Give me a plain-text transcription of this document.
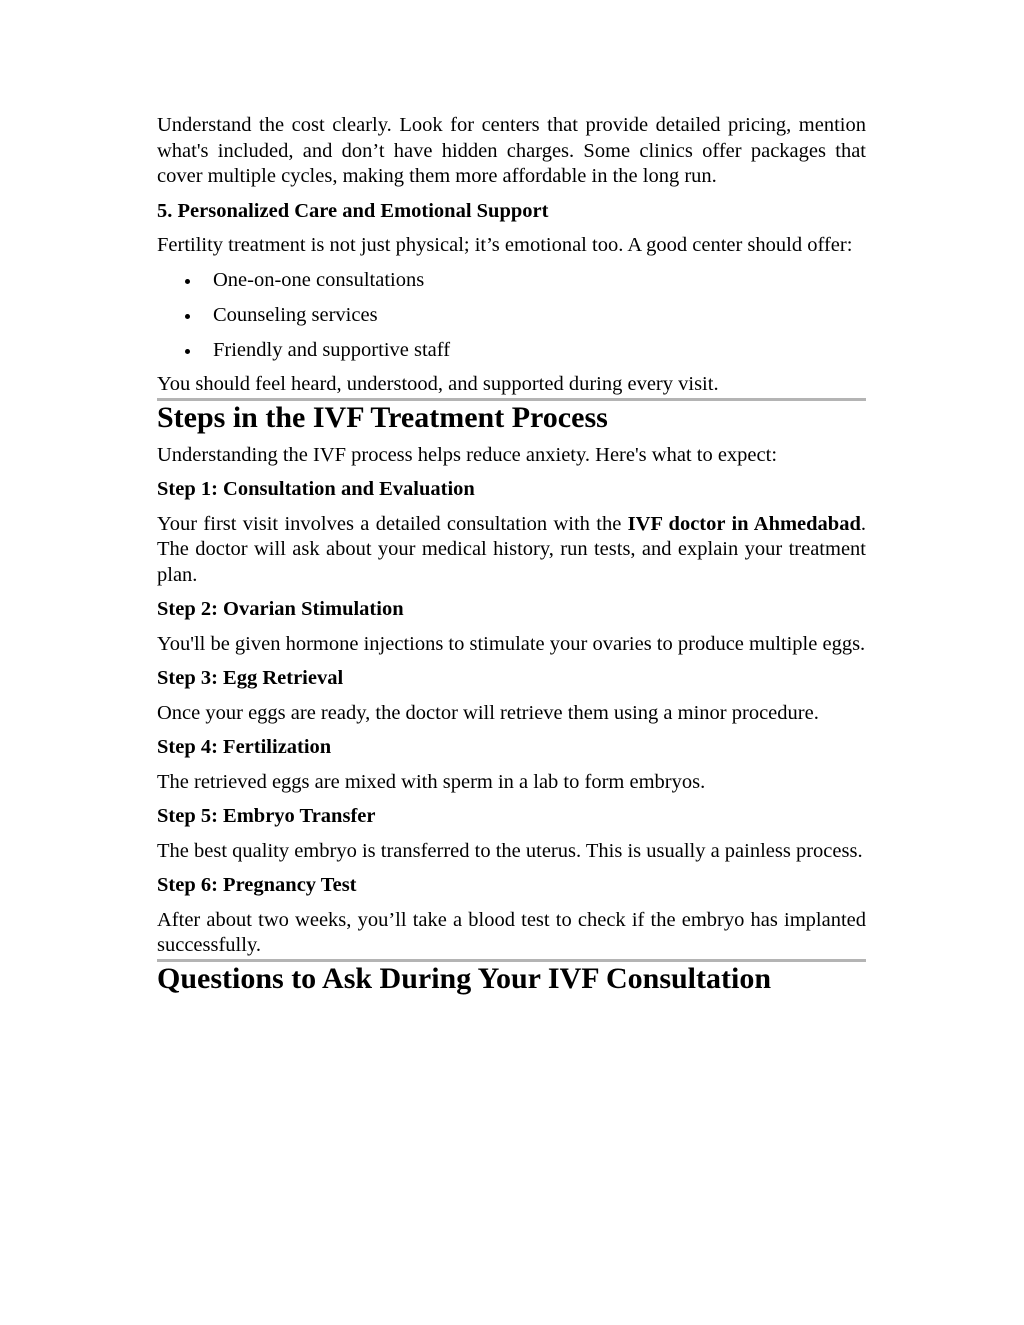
Understand the cost clearly. Look for centers that provide detailed pricing, mention what's included, and don’t have hidden charges. Some clinics offer packages that cover multiple cycles, making them more affordable in the long run.

5. Personalized Care and Emotional Support

Fertility treatment is not just physical; it’s emotional too. A good center should offer:

One-on-one consultations
Counseling services
Friendly and supportive staff

You should feel heard, understood, and supported during every visit.

Steps in the IVF Treatment Process

Understanding the IVF process helps reduce anxiety. Here's what to expect:

Step 1: Consultation and Evaluation

Your first visit involves a detailed consultation with the IVF doctor in Ahmedabad. The doctor will ask about your medical history, run tests, and explain your treatment plan.

Step 2: Ovarian Stimulation

You'll be given hormone injections to stimulate your ovaries to produce multiple eggs.

Step 3: Egg Retrieval

Once your eggs are ready, the doctor will retrieve them using a minor procedure.

Step 4: Fertilization

The retrieved eggs are mixed with sperm in a lab to form embryos.

Step 5: Embryo Transfer

The best quality embryo is transferred to the uterus. This is usually a painless process.

Step 6: Pregnancy Test

After about two weeks, you’ll take a blood test to check if the embryo has implanted successfully.

Questions to Ask During Your IVF Consultation
